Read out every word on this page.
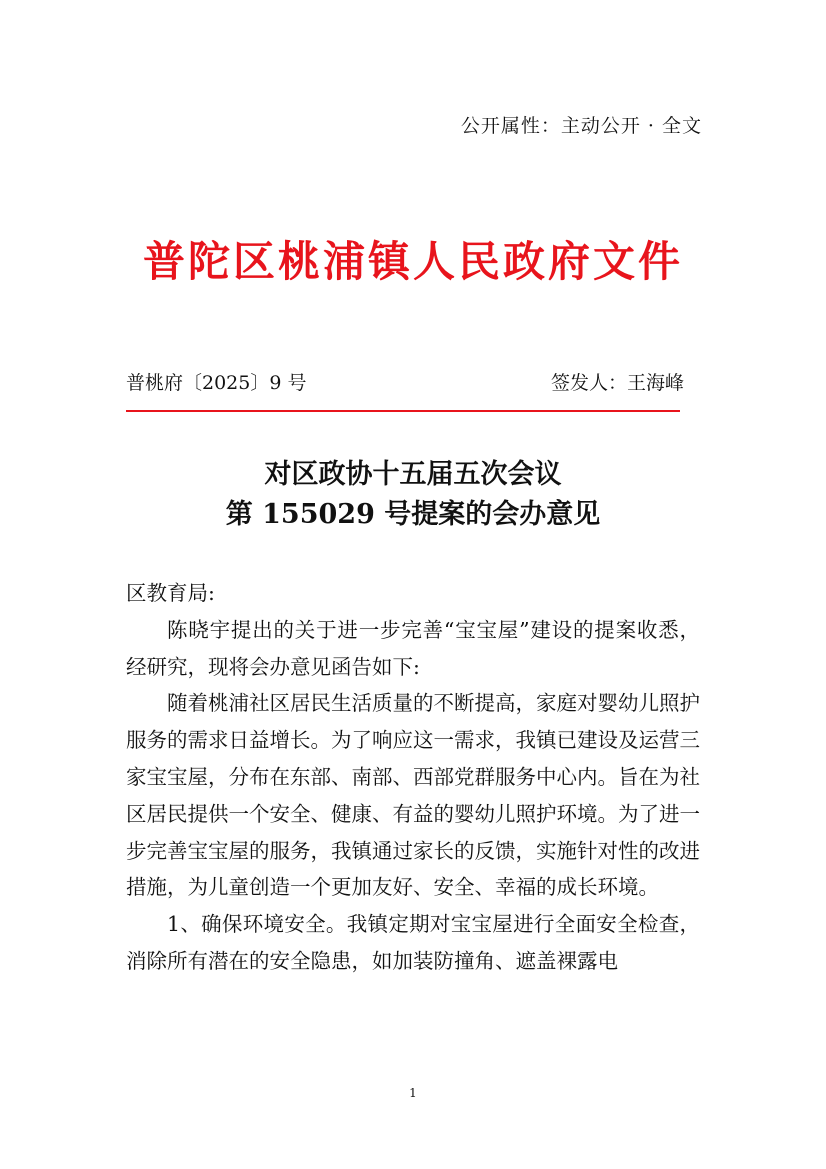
公开属性：主动公开 · 全文
普陀区桃浦镇人民政府文件
普桃府〔2025〕9 号	签发人：王海峰
对区政协十五届五次会议
第 155029 号提案的会办意见

区教育局:

陈晓宇提出的关于进一步完善“宝宝屋”建设的提案收悉，经研究，现将会办意见函告如下:

随着桃浦社区居民生活质量的不断提高，家庭对婴幼儿照护服务的需求日益增长。为了响应这一需求，我镇已建设及运营三家宝宝屋，分布在东部、南部、西部党群服务中心内。旨在为社区居民提供一个安全、健康、有益的婴幼儿照护环境。为了进一步完善宝宝屋的服务，我镇通过家长的反馈，实施针对性的改进措施，为儿童创造一个更加友好、安全、幸福的成长环境。

1、确保环境安全。我镇定期对宝宝屋进行全面安全检查，消除所有潜在的安全隐患，如加装防撞角、遮盖裸露电

1
